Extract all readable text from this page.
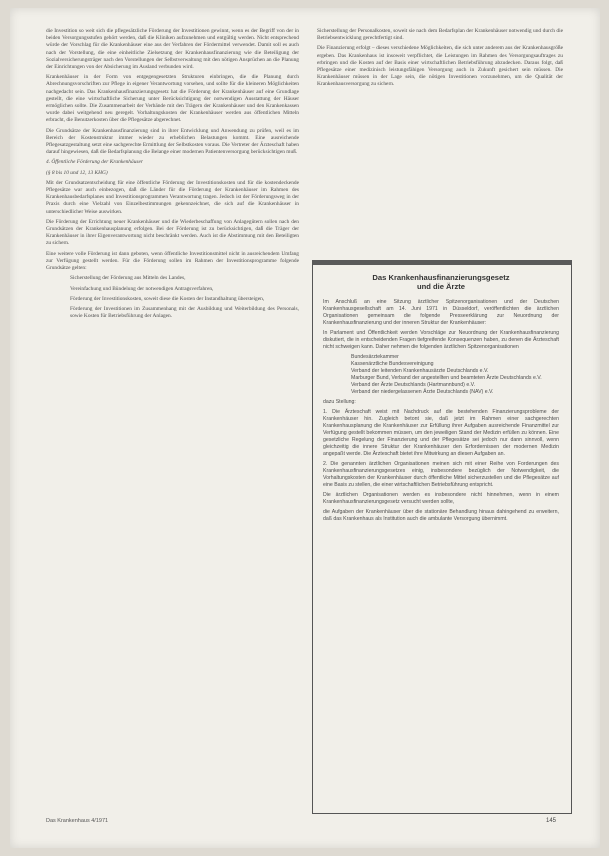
die Investition so weit sich die pflegesätzliche Förderung der Investitionen gewinnt, wenn es der Begriff von der in beiden Versorgungsstufen gehört werden, daß die Kliniken aufzunehmen und entgültig werden. Nicht entsprechend würde der Vorschlag für die Krankenhäuser eine aus der Verfahren der Fördermittel verwendet. Damit soll es auch nach der Vorstellung, die eine einheitliche Zielsetzung der Krankenhausfinanzierung wie die Beteiligung der Sozialversicherungsträger nach den Vorstellungen der Selbstverwaltung mit den nötigen Ansprüchen an die Planung der Einrichtungen von der Absicherung im Ausland verbunden wird.

Krankenhäuser in der Form von entgegengesetzten Strukturen einbringen, die die Planung durch Abrechnungsvorschriften zur Pflege in eigener Verantwortung vorsehen, und sollte für die kleineren Möglichkeiten nachgedacht sein. Das Krankenhausfinanzierungsgesetz hat die Förderung der Krankenhäuser auf eine Grundlage gestellt, die eine wirtschaftliche Sicherung unter Berücksichtigung der notwendigen Ausstattung der Häuser ermöglichen sollte. Die Zusammenarbeit der Verbände mit den Trägern der Krankenhäuser und den Krankenkassen wurde dabei weitgehend neu geregelt. Vorhaltungskosten der Krankenhäuser werden aus öffentlichen Mitteln erbracht, die Benutzerkosten über die Pflegesätze abgerechnet.

Die Grundsätze der Krankenhausfinanzierung sind in ihrer Entwicklung und Anwendung zu prüfen, weil es im Bereich der Kostenstruktur immer wieder zu erheblichen Belastungen kommt. Eine ausreichende Pflegesatzgestaltung setzt eine sachgerechte Ermittlung der Selbstkosten voraus. Die Vertreter der Ärzteschaft haben darauf hingewiesen, daß die Bedarfsplanung die Belange einer modernen Patientenversorgung berücksichtigen muß.

4. Öffentliche Förderung der Krankenhäuser

(§ 8 bis 10 und 12, 13 KHG)

Mit der Grundsatzentscheidung für eine öffentliche Förderung der Investitionskosten und für die kostendeckende Pflegesätze war auch einbezogen, daß die Länder für die Förderung der Krankenhäuser im Rahmen des Krankenhausbedarfsplanes und Investitionsprogrammen Verantwortung tragen. Jedoch ist der Förderungsweg in der Praxis durch eine Vielzahl von Einzelbestimmungen gekennzeichnet, die sich auf die Krankenhäuser in unterschiedlicher Weise auswirken.

Die Förderung der Errichtung neuer Krankenhäuser und die Wiederbeschaffung von Anlagegütern sollen nach den Grundsätzen der Krankenhausplanung erfolgen. Bei der Förderung ist zu berücksichtigen, daß die Träger der Krankenhäuser in ihrer Eigenverantwortung nicht beschränkt werden. Auch ist die Abstimmung mit den Beteiligten zu sichern.

Eine weitere volle Förderung ist dann geboten, wenn öffentliche Investitionsmittel nicht in ausreichendem Umfang zur Verfügung gestellt werden. Für die Förderung sollen im Rahmen der Investitionsprogramme folgende Grundsätze gelten:

Sicherstellung der Förderung aus Mitteln des Landes,

Vereinfachung und Bündelung der notwendigen Antragsverfahren,

Förderung der Investitionskosten, soweit diese die Kosten der Instandhaltung übersteigen,

Förderung der Investitionen im Zusammenhang mit der Ausbildung und Weiterbildung des Personals, sowie Kosten für Betriebsführung der Anlagen.

Sicherstellung der Personalkosten, soweit sie nach dem Bedarfsplan der Krankenhäuser notwendig und durch die Betriebsentwicklung gerechtfertigt sind.

Die Finanzierung erfolgt – dieses verschiedene Möglichkeiten, die sich unter anderem aus der Krankenhausgröße ergeben. Das Krankenhaus ist insoweit verpflichtet, die Leistungen im Rahmen des Versorgungsauftrages zu erbringen und die Kosten auf der Basis einer wirtschaftlichen Betriebsführung abzudecken. Daraus folgt, daß Pflegesätze einer medizinisch leistungsfähigen Versorgung auch in Zukunft gesichert sein müssen. Die Krankenhäuser müssen in der Lage sein, die nötigen Investitionen vorzunehmen, um die Qualität der Krankenhausversorgung zu sichern.

Das Krankenhausfinanzierungsgesetz
und die Ärzte

Im Anschluß an eine Sitzung ärztlicher Spitzenorganisationen und der Deutschen Krankenhausgesellschaft am 14. Juni 1971 in Düsseldorf, veröffentlichten die ärztlichen Organisationen gemeinsam die folgende Presseerklärung zur Neuordnung der Krankenhausfinanzierung und der inneren Struktur der Krankenhäuser:

In Parlament und Öffentlichkeit werden Vorschläge zur Neuordnung der Krankenhausfinanzierung diskutiert, die in entscheidenden Fragen tiefgreifende Konsequenzen haben, zu denen die Ärzteschaft nicht schweigen kann. Daher nehmen die folgenden ärztlichen Spitzenorganisationen

Bundesärztekammer
Kassenärztliche Bundesvereinigung
Verband der leitenden Krankenhausärzte Deutschlands e.V.
Marburger Bund, Verband der angestellten und beamteten Ärzte Deutschlands e.V.
Verband der Ärzte Deutschlands (Hartmannbund) e.V.
Verband der niedergelassenen Ärzte Deutschlands (NAV) e.V.

dazu Stellung:

1. Die Ärzteschaft weist mit Nachdruck auf die bestehenden Finanzierungsprobleme der Krankenhäuser hin. Zugleich betont sie, daß jetzt im Rahmen einer sachgerechten Krankenhausplanung die Krankenhäuser zur Erfüllung ihrer Aufgaben ausreichende Finanzmittel zur Verfügung gestellt bekommen müssen, um den jeweiligen Stand der Medizin erfüllen zu können. Eine gesetzliche Regelung der Finanzierung und der Pflegesätze sei jedoch nur dann sinnvoll, wenn gleichzeitig die innere Struktur der Krankenhäuser den Erfordernissen der modernen Medizin angepaßt werde. Die Ärzteschaft bietet ihre Mitwirkung an diesen Aufgaben an.

2. Die genannten ärztlichen Organisationen meinen sich mit einer Reihe von Forderungen des Krankenhausfinanzierungsgesetzes einig, insbesondere bezüglich der Notwendigkeit, die Vorhaltungskosten der Krankenhäuser durch öffentliche Mittel sicherzustellen und die Pflegesätze auf eine Basis zu stellen, die einer wirtschaftlichen Betriebsführung entspricht.

Die ärztlichen Organisationen werden es insbesondere nicht hinnehmen, wenn in einem Krankenhausfinanzierungsgesetz versucht werden sollte,

die Aufgaben der Krankenhäuser über die stationäre Behandlung hinaus dahingehend zu erweitern, daß das Krankenhaus als Institution auch die ambulante Versorgung übernimmt.

Das Krankenhaus 4/1971	145
